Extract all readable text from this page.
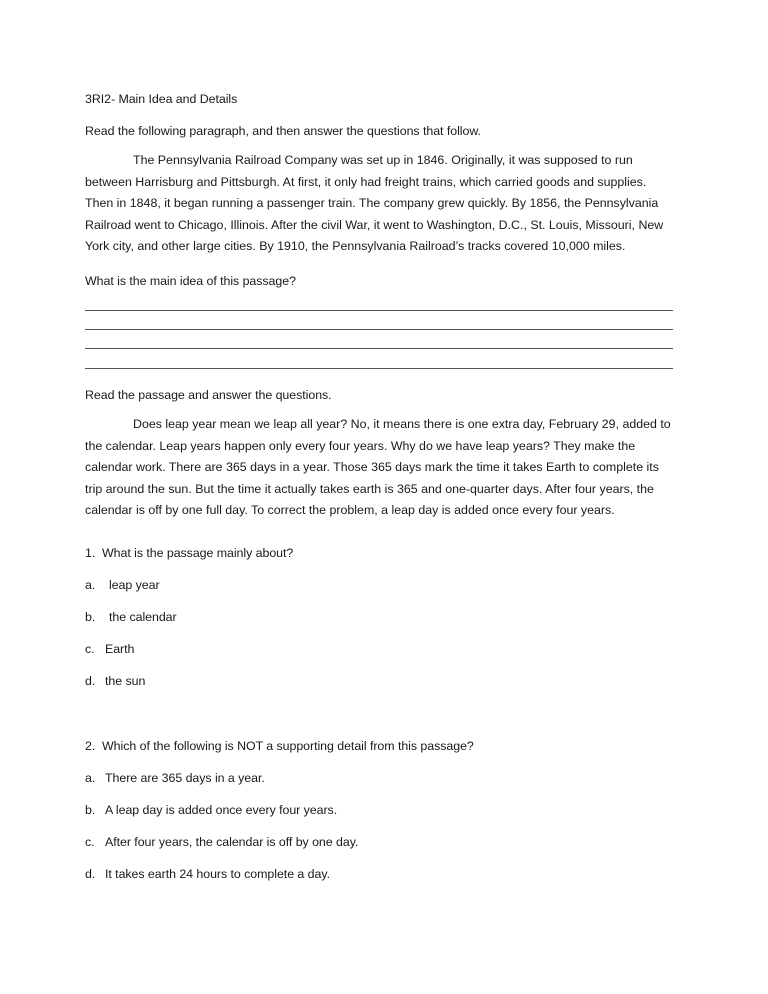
3RI2- Main Idea and Details
Read the following paragraph, and then answer the questions that follow.

The Pennsylvania Railroad Company was set up in 1846. Originally, it was supposed to run between Harrisburg and Pittsburgh. At first, it only had freight trains, which carried goods and supplies. Then in 1848, it began running a passenger train. The company grew quickly. By 1856, the Pennsylvania Railroad went to Chicago, Illinois. After the civil War, it went to Washington, D.C., St. Louis, Missouri, New York city, and other large cities. By 1910, the Pennsylvania Railroad’s tracks covered 10,000 miles.

What is the main idea of this passage?
Read the passage and answer the questions.

Does leap year mean we leap all year? No, it means there is one extra day, February 29, added to the calendar. Leap years happen only every four years. Why do we have leap years? They make the calendar work. There are 365 days in a year. Those 365 days mark the time it takes Earth to complete its trip around the sun. But the time it actually takes earth is 365 and one-quarter days. After four years, the calendar is off by one full day. To correct the problem, a leap day is added once every four years.

1. What is the passage mainly about?
a. leap year
b. the calendar
c. Earth
d. the sun
2. Which of the following is NOT a supporting detail from this passage?
a. There are 365 days in a year.
b. A leap day is added once every four years.
c. After four years, the calendar is off by one day.
d. It takes earth 24 hours to complete a day.
